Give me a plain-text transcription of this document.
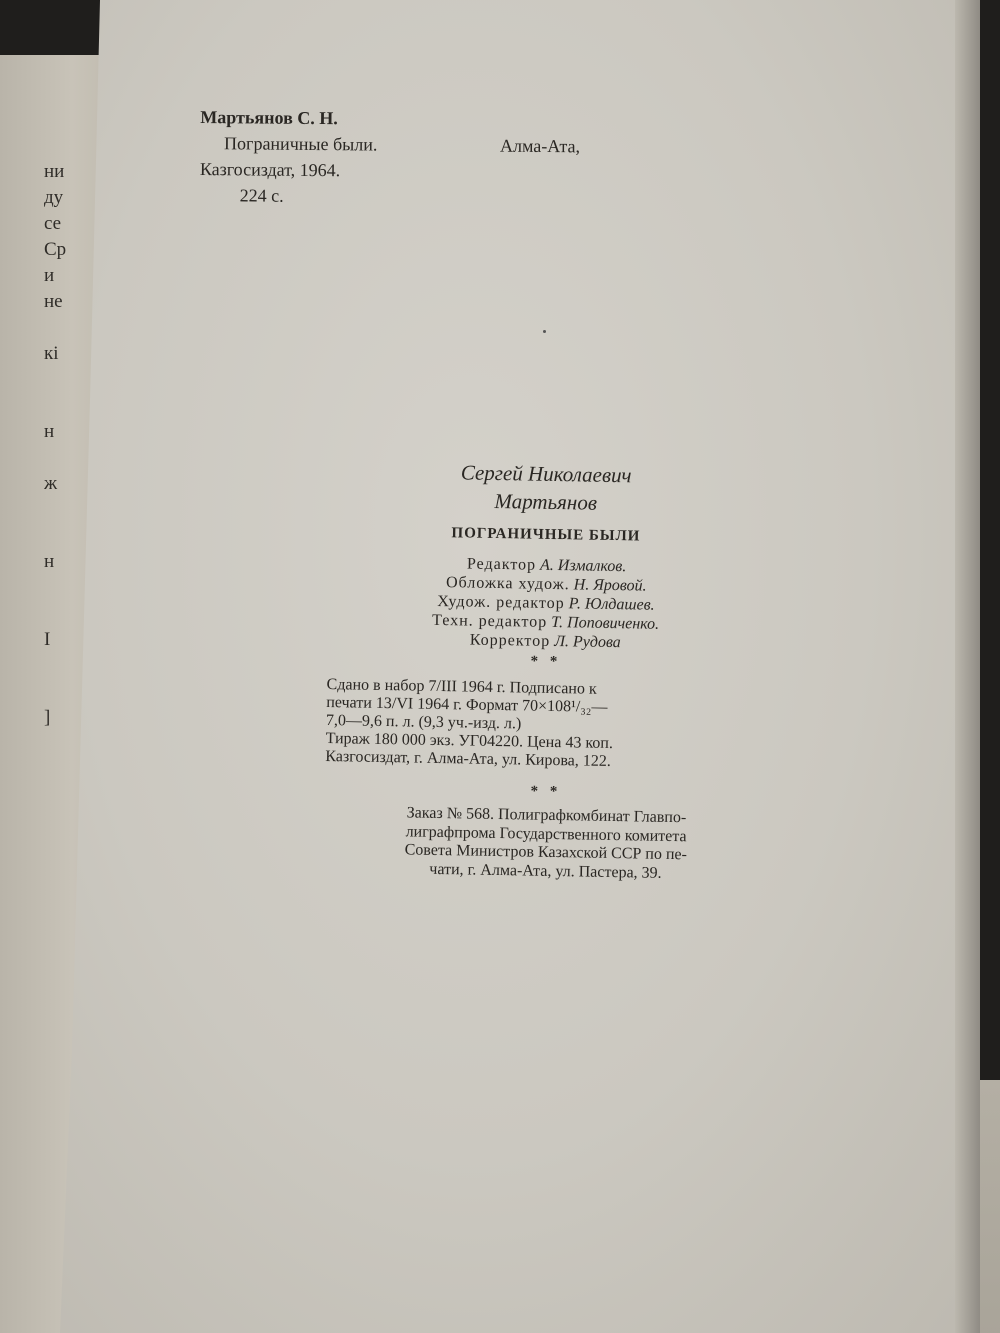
ни
ду
се
Ср
и
не
кі
н
ж
н
I
]
Мартьянов С. Н.
Пограничные были.	Алма-Ата,
Казгосиздат, 1964.
224 с.
Сергей Николаевич
Мартьянов
ПОГРАНИЧНЫЕ БЫЛИ
Редактор А. Измалков.
Обложка худож. Н. Яровой.
Худож. редактор Р. Юлдашев.
Техн. редактор Т. Поповиченко.
Корректор Л. Рудова
* *
Сдано в набор 7/III 1964 г. Подписано к
печати 13/VI 1964 г. Формат 70×108¹/₃₂—
7,0—9,6 п. л. (9,3 уч.-изд. л.)
Тираж 180 000 экз. УГ04220. Цена 43 коп.
Казгосиздат, г. Алма-Ата, ул. Кирова, 122.
* *
Заказ № 568. Полиграфкомбинат Главпо-
лиграфпрома Государственного комитета
Совета Министров Казахской ССР по пе-
чати, г. Алма-Ата, ул. Пастера, 39.
